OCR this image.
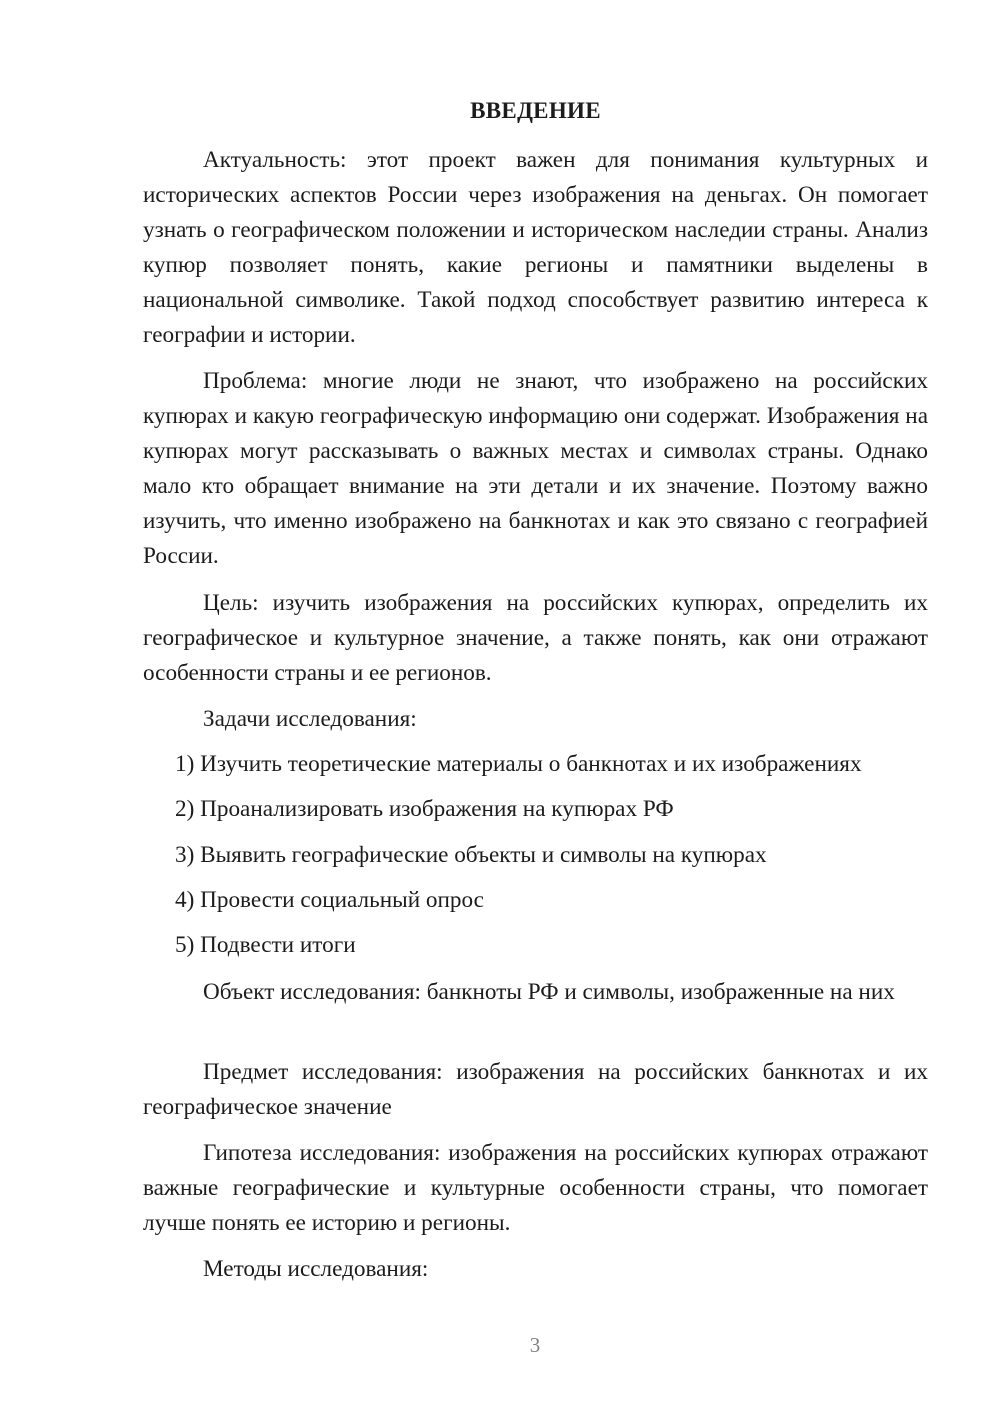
ВВЕДЕНИЕ

Актуальность: этот проект важен для понимания культурных и исторических аспектов России через изображения на деньгах. Он помогает узнать о географическом положении и историческом наследии страны. Анализ купюр позволяет понять, какие регионы и памятники выделены в национальной символике. Такой подход способствует развитию интереса к географии и истории.

Проблема: многие люди не знают, что изображено на российских купюрах и какую географическую информацию они содержат. Изображения на купюрах могут рассказывать о важных местах и символах страны. Однако мало кто обращает внимание на эти детали и их значение. Поэтому важно изучить, что именно изображено на банкнотах и как это связано с географией России.

Цель: изучить изображения на российских купюрах, определить их географическое и культурное значение, а также понять, как они отражают особенности страны и ее регионов.

Задачи исследования:

1) Изучить теоретические материалы о банкнотах и их изображениях
2) Проанализировать изображения на купюрах РФ
3) Выявить географические объекты и символы на купюрах
4) Провести социальный опрос
5) Подвести итоги

Объект исследования: банкноты РФ и символы, изображенные на них

Предмет исследования: изображения на российских банкнотах и их географическое значение

Гипотеза исследования: изображения на российских купюрах отражают важные географические и культурные особенности страны, что помогает лучше понять ее историю и регионы.

Методы исследования:

3
